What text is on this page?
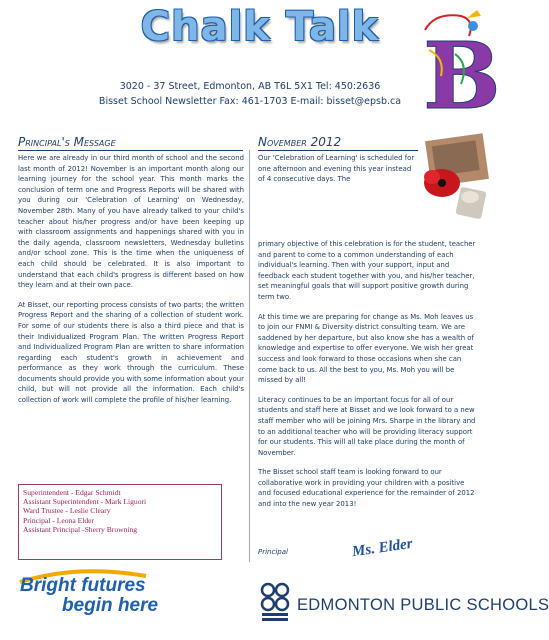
Chalk Talk
3020 - 37 Street, Edmonton, AB T6L 5X1 Tel: 450:2636
Bisset School Newsletter Fax: 461-1703 E-mail: bisset@epsb.ca B
Principal's Message	November 2012

Here we are already in our third month of school and the second last month of 2012! November is an important month along our learning journey for the school year. This month marks the conclusion of term one and Progress Reports will be shared with you during our 'Celebration of Learning' on Wednesday, November 28th. Many of you have already talked to your child's teacher about his/her progress and/or have been keeping up with classroom assignments and happenings shared with you in the daily agenda, classroom newsletters, Wednesday bulletins and/or school zone. This is the time when the uniqueness of each child should be celebrated. It is also important to understand that each child's progress is different based on how they learn and at their own pace.

At Bisset, our reporting process consists of two parts; the written Progress Report and the sharing of a collection of student work. For some of our students there is also a third piece and that is their Individualized Program Plan. The written Progress Report and Individualized Program Plan are written to share information regarding each student's growth in achievement and performance as they work through the curriculum. These documents should provide you with some information about your child, but will not provide all the information. Each child's collection of work will complete the profile of his/her learning.

Superintendent - Edgar Schmidt
Assistant Superintendent - Mark Liguori
Ward Trustee - Leslie Cleary
Principal - Leona Elder
Assistant Principal -Sherry Browning
Our 'Celebration of Learning' is scheduled for one afternoon and evening this year instead of 4 consecutive days. The

primary objective of this celebration is for the student, teacher and parent to come to a common understanding of each individual's learning. Then with your support, input and feedback each student together with you, and his/her teacher, set meaningful goals that will support positive growth during term two.

At this time we are preparing for change as Ms. Moh leaves us to join our FNMI & Diversity district consulting team. We are saddened by her departure, but also know she has a wealth of knowledge and expertise to offer everyone. We wish her great success and look forward to those occasions when she can come back to us. All the best to you, Ms. Moh you will be missed by all!

Literacy continues to be an important focus for all of our students and staff here at Bisset and we look forward to a new staff member who will be joining Mrs. Sharpe in the library and to an additional teacher who will be providing literacy support for our students. This will all take place during the month of November.

The Bisset school staff team is looking forward to our collaborative work in providing your children with a positive and focused educational experience for the remainder of 2012 and into the new year 2013!

Principal	Ms. Elder
Bright futures
begin here	EDMONTON PUBLIC SCHOOLS
